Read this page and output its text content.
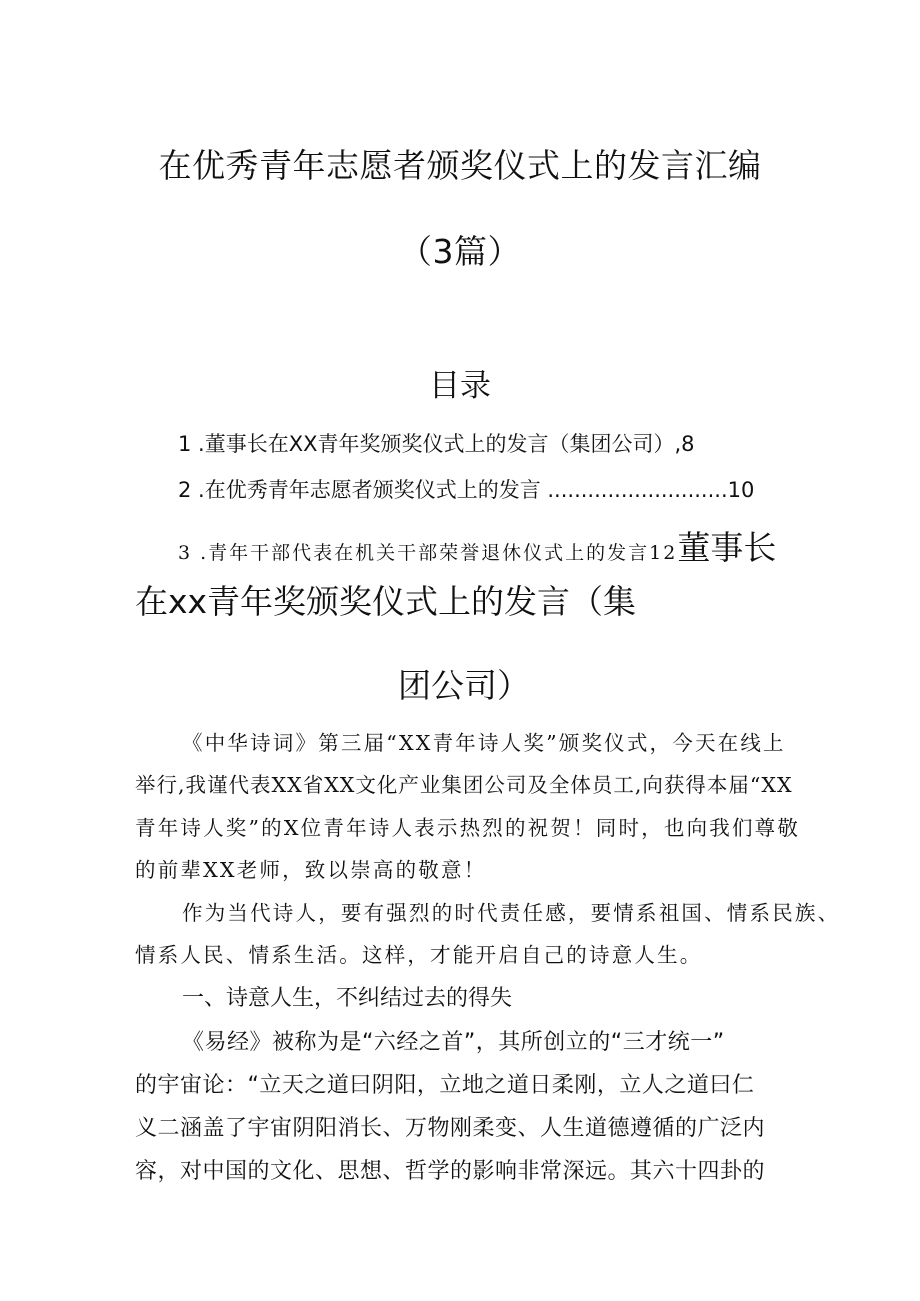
在优秀青年志愿者颁奖仪式上的发言汇编
（3篇）
目录
1 .董事长在XX青年奖颁奖仪式上的发言（集团公司）,8
2 .在优秀青年志愿者颁奖仪式上的发言 ...........................10
3 .青年干部代表在机关干部荣誉退休仪式上的发言12董事长
在xx青年奖颁奖仪式上的发言（集
团公司）
《中华诗词》第三届“XX青年诗人奖”颁奖仪式，今天在线上
举行,我谨代表XX省XX文化产业集团公司及全体员工,向获得本届“XX
青年诗人奖”的X位青年诗人表示热烈的祝贺！同时，也向我们尊敬
的前辈XX老师，致以崇高的敬意！
作为当代诗人，要有强烈的时代责任感，要情系祖国、情系民族、
情系人民、情系生活。这样，才能开启自己的诗意人生。
一、诗意人生，不纠结过去的得失
《易经》被称为是“六经之首”，其所创立的“三才统一”
的宇宙论：“立天之道曰阴阳，立地之道日柔刚，立人之道曰仁
义二涵盖了宇宙阴阳消长、万物刚柔变、人生道德遵循的广泛内
容，对中国的文化、思想、哲学的影响非常深远。其六十四卦的
